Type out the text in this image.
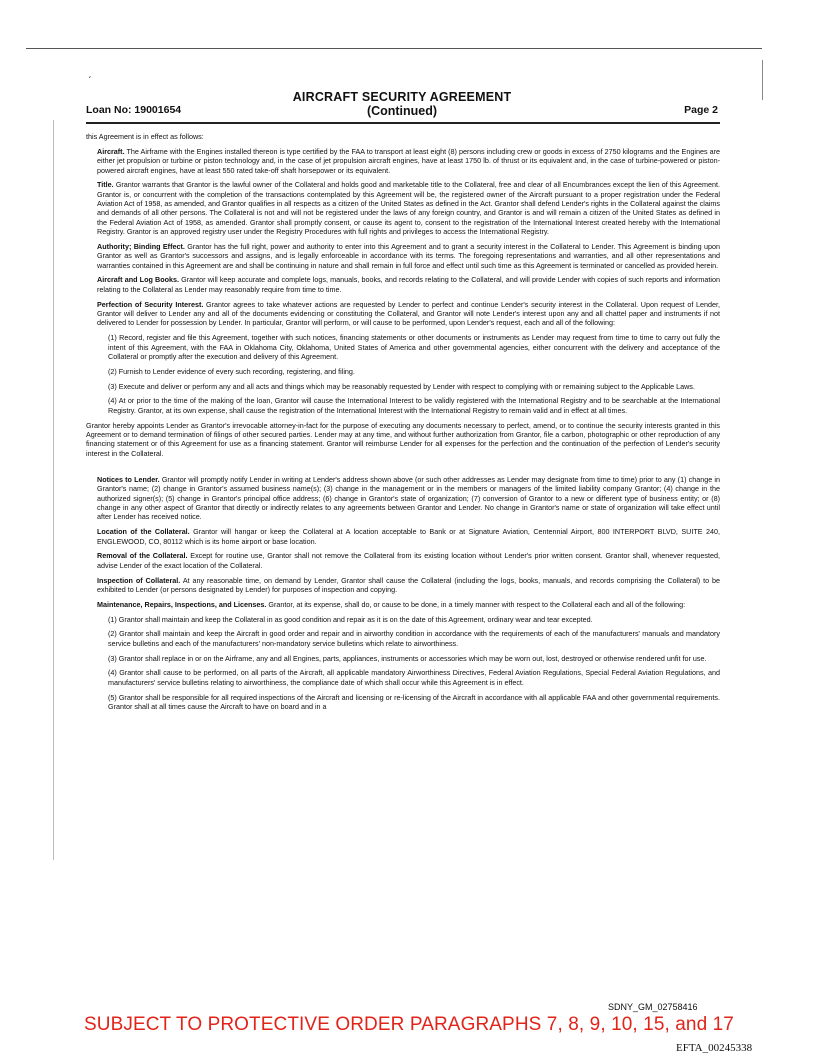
ˏ
Loan No: 19001654
AIRCRAFT SECURITY AGREEMENT
(Continued)	Page 2

this Agreement is in effect as follows:

Aircraft. The Airframe with the Engines installed thereon is type certified by the FAA to transport at least eight (8) persons including crew or goods in excess of 2750 kilograms and the Engines are either jet propulsion or turbine or piston technology and, in the case of jet propulsion aircraft engines, have at least 1750 lb. of thrust or its equivalent and, in the case of turbine-powered or piston-powered aircraft engines, have at least 550 rated take-off shaft horsepower or its equivalent.

Title. Grantor warrants that Grantor is the lawful owner of the Collateral and holds good and marketable title to the Collateral, free and clear of all Encumbrances except the lien of this Agreement. Grantor is, or concurrent with the completion of the transactions contemplated by this Agreement will be, the registered owner of the Aircraft pursuant to a proper registration under the Federal Aviation Act of 1958, as amended, and Grantor qualifies in all respects as a citizen of the United States as defined in the Act. Grantor shall defend Lender's rights in the Collateral against the claims and demands of all other persons. The Collateral is not and will not be registered under the laws of any foreign country, and Grantor is and will remain a citizen of the United States as defined in the Federal Aviation Act of 1958, as amended. Grantor shall promptly consent, or cause its agent to, consent to the registration of the International Interest created hereby with the International Registry. Grantor is an approved registry user under the Registry Procedures with full rights and privileges to access the International Registry.

Authority; Binding Effect. Grantor has the full right, power and authority to enter into this Agreement and to grant a security interest in the Collateral to Lender. This Agreement is binding upon Grantor as well as Grantor's successors and assigns, and is legally enforceable in accordance with its terms. The foregoing representations and warranties, and all other representations and warranties contained in this Agreement are and shall be continuing in nature and shall remain in full force and effect until such time as this Agreement is terminated or cancelled as provided herein.

Aircraft and Log Books. Grantor will keep accurate and complete logs, manuals, books, and records relating to the Collateral, and will provide Lender with copies of such reports and information relating to the Collateral as Lender may reasonably require from time to time.

Perfection of Security Interest. Grantor agrees to take whatever actions are requested by Lender to perfect and continue Lender's security interest in the Collateral. Upon request of Lender, Grantor will deliver to Lender any and all of the documents evidencing or constituting the Collateral, and Grantor will note Lender's interest upon any and all chattel paper and instruments if not delivered to Lender for possession by Lender. In particular, Grantor will perform, or will cause to be performed, upon Lender's request, each and all of the following:

(1) Record, register and file this Agreement, together with such notices, financing statements or other documents or instruments as Lender may request from time to time to carry out fully the intent of this Agreement, with the FAA in Oklahoma City, Oklahoma, United States of America and other governmental agencies, either concurrent with the delivery and acceptance of the Collateral or promptly after the execution and delivery of this Agreement.

(2) Furnish to Lender evidence of every such recording, registering, and filing.

(3) Execute and deliver or perform any and all acts and things which may be reasonably requested by Lender with respect to complying with or remaining subject to the Applicable Laws.

(4) At or prior to the time of the making of the loan, Grantor will cause the International Interest to be validly registered with the International Registry and to be searchable at the International Registry. Grantor, at its own expense, shall cause the registration of the International Interest with the International Registry to remain valid and in effect at all times.

Grantor hereby appoints Lender as Grantor's irrevocable attorney-in-fact for the purpose of executing any documents necessary to perfect, amend, or to continue the security interests granted in this Agreement or to demand termination of filings of other secured parties. Lender may at any time, and without further authorization from Grantor, file a carbon, photographic or other reproduction of any financing statement or of this Agreement for use as a financing statement. Grantor will reimburse Lender for all expenses for the perfection and the continuation of the perfection of Lender's security interest in the Collateral.

Notices to Lender. Grantor will promptly notify Lender in writing at Lender's address shown above (or such other addresses as Lender may designate from time to time) prior to any (1) change in Grantor's name; (2) change in Grantor's assumed business name(s); (3) change in the management or in the members or managers of the limited liability company Grantor; (4) change in the authorized signer(s); (5) change in Grantor's principal office address; (6) change in Grantor's state of organization; (7) conversion of Grantor to a new or different type of business entity; or (8) change in any other aspect of Grantor that directly or indirectly relates to any agreements between Grantor and Lender. No change in Grantor's name or state of organization will take effect until after Lender has received notice.

Location of the Collateral. Grantor will hangar or keep the Collateral at A location acceptable to Bank or at Signature Aviation, Centennial Airport, 800 INTERPORT BLVD, SUITE 240, ENGLEWOOD, CO, 80112 which is its home airport or base location.

Removal of the Collateral. Except for routine use, Grantor shall not remove the Collateral from its existing location without Lender's prior written consent. Grantor shall, whenever requested, advise Lender of the exact location of the Collateral.

Inspection of Collateral. At any reasonable time, on demand by Lender, Grantor shall cause the Collateral (including the logs, books, manuals, and records comprising the Collateral) to be exhibited to Lender (or persons designated by Lender) for purposes of inspection and copying.

Maintenance, Repairs, Inspections, and Licenses. Grantor, at its expense, shall do, or cause to be done, in a timely manner with respect to the Collateral each and all of the following:

(1) Grantor shall maintain and keep the Collateral in as good condition and repair as it is on the date of this Agreement, ordinary wear and tear excepted.

(2) Grantor shall maintain and keep the Aircraft in good order and repair and in airworthy condition in accordance with the requirements of each of the manufacturers' manuals and mandatory service bulletins and each of the manufacturers' non-mandatory service bulletins which relate to airworthiness.

(3) Grantor shall replace in or on the Airframe, any and all Engines, parts, appliances, instruments or accessories which may be worn out, lost, destroyed or otherwise rendered unfit for use.

(4) Grantor shall cause to be performed, on all parts of the Aircraft, all applicable mandatory Airworthiness Directives, Federal Aviation Regulations, Special Federal Aviation Regulations, and manufacturers' service bulletins relating to airworthiness, the compliance date of which shall occur while this Agreement is in effect.

(5) Grantor shall be responsible for all required inspections of the Aircraft and licensing or re-licensing of the Aircraft in accordance with all applicable FAA and other governmental requirements. Grantor shall at all times cause the Aircraft to have on board and in a

SDNY_GM_02758416
SUBJECT TO PROTECTIVE ORDER PARAGRAPHS 7, 8, 9, 10, 15, and 17
EFTA_00245338
